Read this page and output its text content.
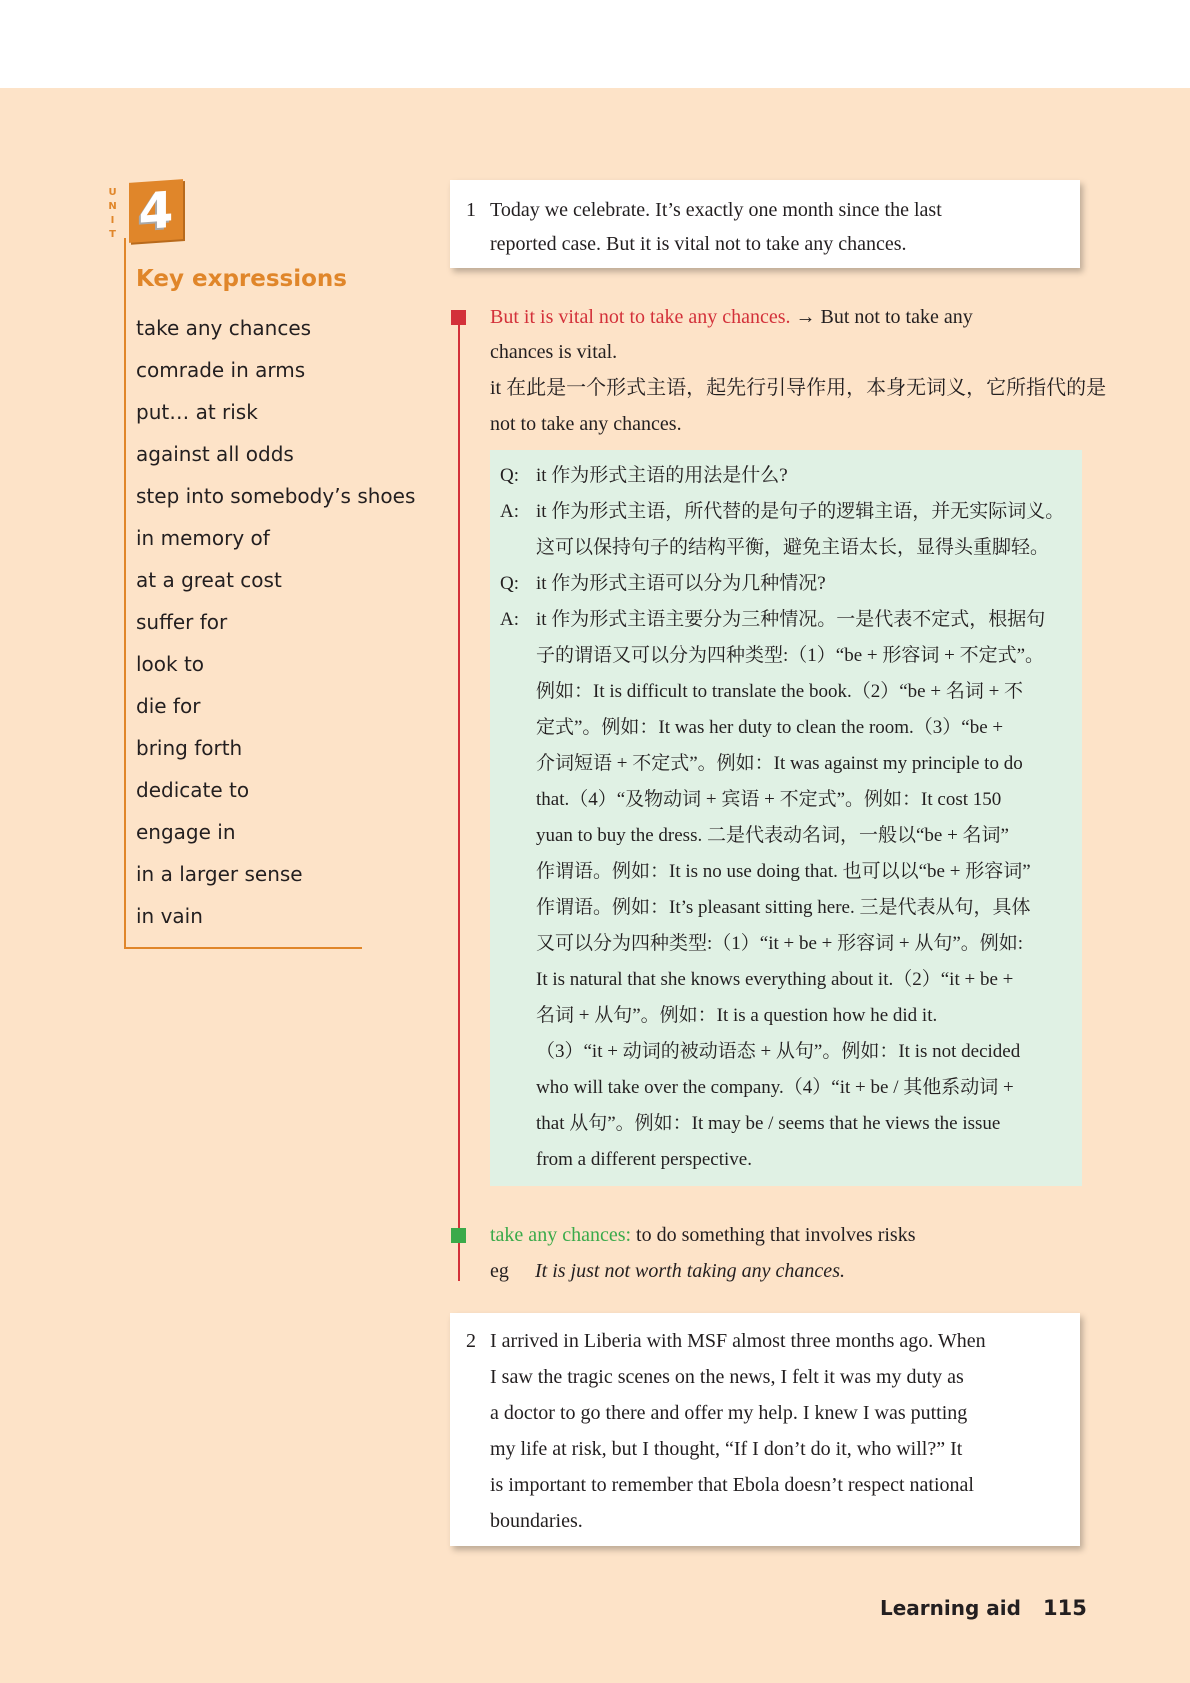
UNIT 4
Key expressions
take any chances
comrade in arms
put… at risk
against all odds
step into somebody’s shoes
in memory of
at a great cost
suffer for
look to
die for
bring forth
dedicate to
engage in
in a larger sense
in vain
1 Today we celebrate. It’s exactly one month since the last
reported case. But it is vital not to take any chances.
But it is vital not to take any chances. → But not to take any
chances is vital.
it 在此是一个形式主语，起先行引导作用，本身无词义，它所指代的是
not to take any chances.
Q: it 作为形式主语的用法是什么?
A: it 作为形式主语，所代替的是句子的逻辑主语，并无实际词义。
这可以保持句子的结构平衡，避免主语太长，显得头重脚轻。
Q: it 作为形式主语可以分为几种情况?
A: it 作为形式主语主要分为三种情况。一是代表不定式，根据句
子的谓语又可以分为四种类型:（1）“be + 形容词 + 不定式”。
例如：It is difficult to translate the book.（2）“be + 名词 + 不
定式”。例如：It was her duty to clean the room.（3）“be +
介词短语 + 不定式”。例如：It was against my principle to do
that.（4）“及物动词 + 宾语 + 不定式”。例如：It cost 150
yuan to buy the dress. 二是代表动名词，一般以“be + 名词”
作谓语。例如：It is no use doing that. 也可以以“be + 形容词”
作谓语。例如：It’s pleasant sitting here. 三是代表从句，具体
又可以分为四种类型:（1）“it + be + 形容词 + 从句”。例如:
It is natural that she knows everything about it.（2）“it + be +
名词 + 从句”。例如：It is a question how he did it.
（3）“it + 动词的被动语态 + 从句”。例如：It is not decided
who will take over the company.（4）“it + be / 其他系动词 +
that 从句”。例如：It may be / seems that he views the issue
from a different perspective.
take any chances: to do something that involves risks
eg It is just not worth taking any chances.
2 I arrived in Liberia with MSF almost three months ago. When
I saw the tragic scenes on the news, I felt it was my duty as
a doctor to go there and offer my help. I knew I was putting
my life at risk, but I thought, “If I don’t do it, who will?” It
is important to remember that Ebola doesn’t respect national
boundaries.
Learning aid 115
